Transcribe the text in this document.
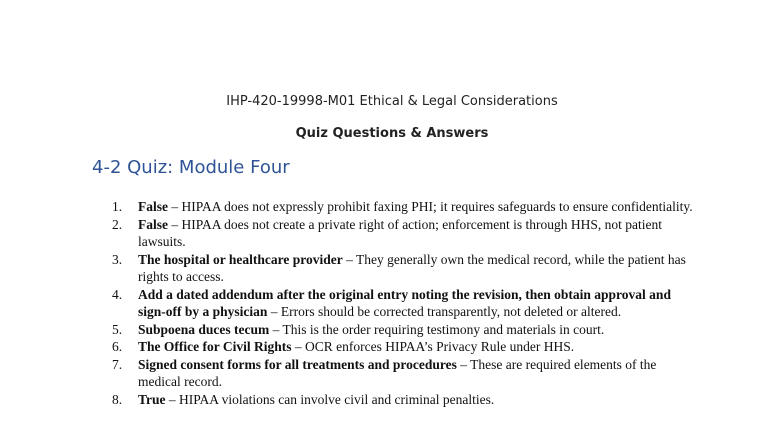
IHP-420-19998-M01 Ethical & Legal Considerations
Quiz Questions & Answers
4-2 Quiz: Module Four
1. False – HIPAA does not expressly prohibit faxing PHI; it requires safeguards to ensure confidentiality.
2. False – HIPAA does not create a private right of action; enforcement is through HHS, not patient lawsuits.
3. The hospital or healthcare provider – They generally own the medical record, while the patient has rights to access.
4. Add a dated addendum after the original entry noting the revision, then obtain approval and sign-off by a physician – Errors should be corrected transparently, not deleted or altered.
5. Subpoena duces tecum – This is the order requiring testimony and materials in court.
6. The Office for Civil Rights – OCR enforces HIPAA’s Privacy Rule under HHS.
7. Signed consent forms for all treatments and procedures – These are required elements of the medical record.
8. True – HIPAA violations can involve civil and criminal penalties.
